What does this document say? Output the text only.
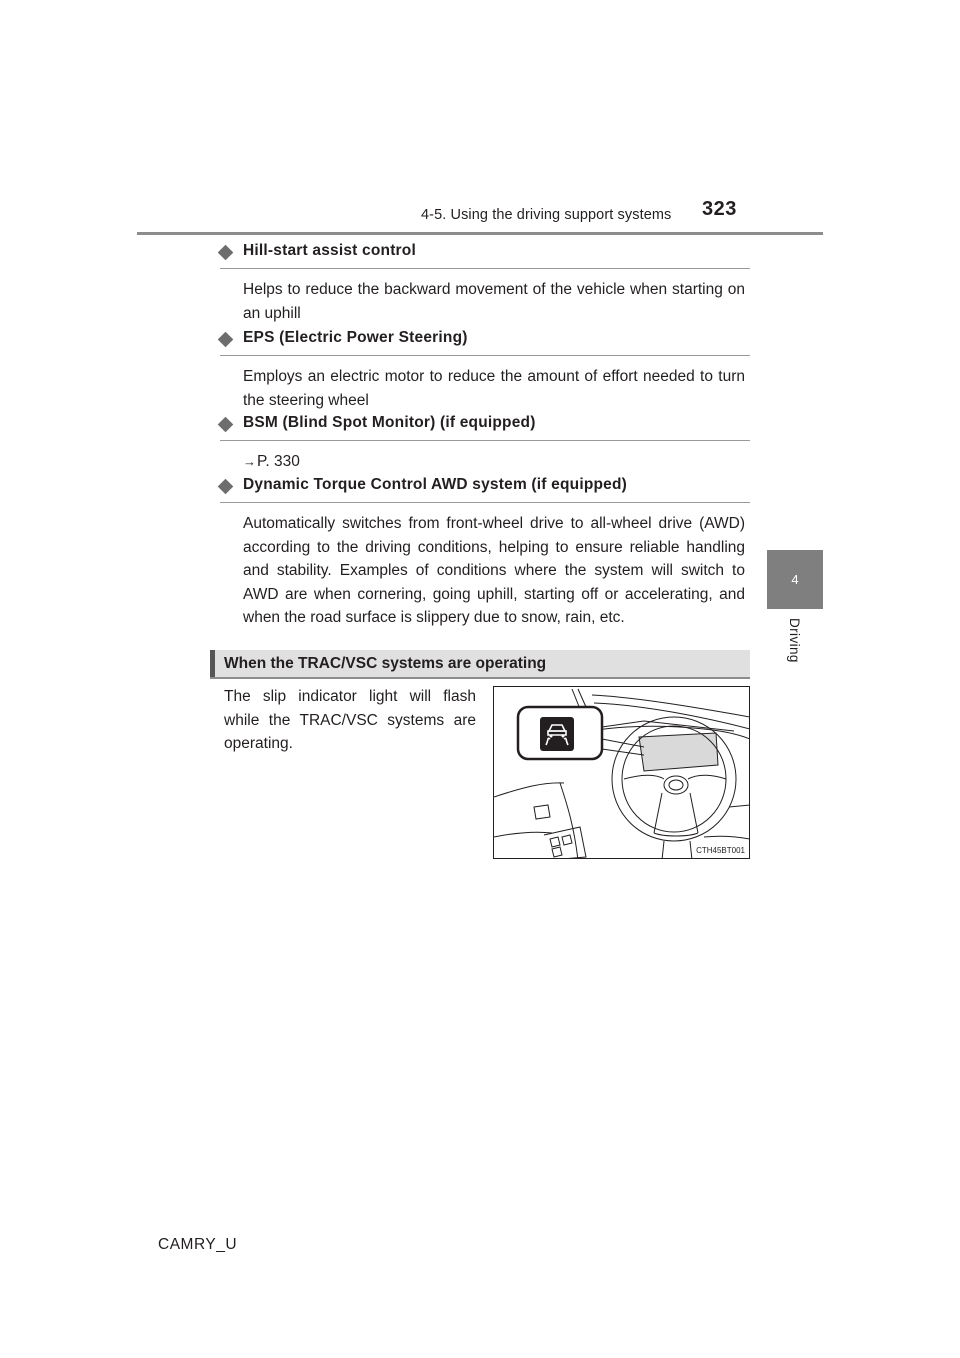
4-5. Using the driving support systems 323
4
Driving
Hill-start assist control
Helps to reduce the backward movement of the vehicle when starting on an uphill
EPS (Electric Power Steering)
Employs an electric motor to reduce the amount of effort needed to turn the steering wheel
BSM (Blind Spot Monitor) (if equipped)
→P. 330
Dynamic Torque Control AWD system (if equipped)
Automatically switches from front-wheel drive to all-wheel drive (AWD) according to the driving conditions, helping to ensure reliable handling and stability. Examples of conditions where the system will switch to AWD are when cornering, going uphill, starting off or accelerating, and when the road surface is slippery due to snow, rain, etc.
When the TRAC/VSC systems are operating
The slip indicator light will flash while the TRAC/VSC systems are operating.
CTH45BT001
CAMRY_U
